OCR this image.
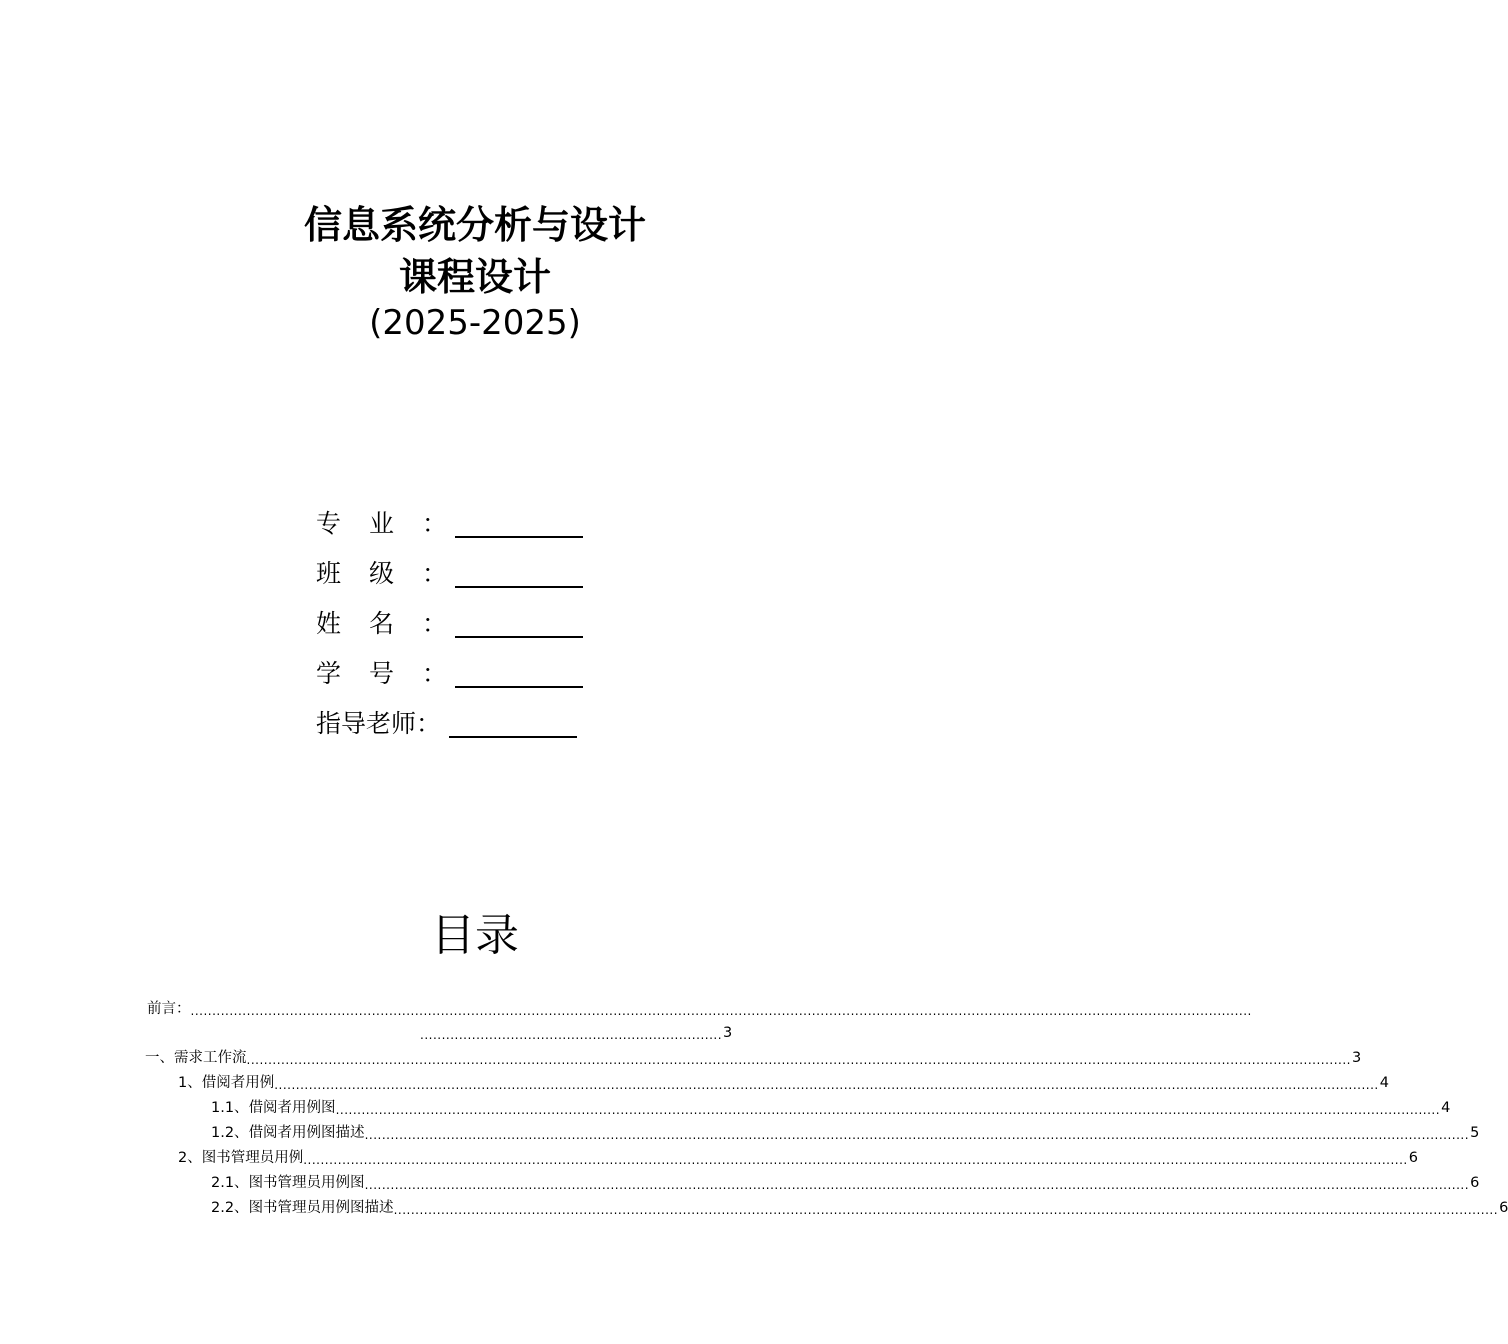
信息系统分析与设计
课程设计
(2025-2025)
专业：
班级：
姓名：
学号：
指导老师：
目录
前言： ......................................................................................................................................................................................................................................................
...................................................................... 3
一、 需求工作流 ................................................................................................................................................................................................................................................................ 3
1、 借阅者用例 ................................................................................................................................................................................................................................................................ 4
1.1、 借阅者用例图 ................................................................................................................................................................................................................................................................ 4
1.2、 借阅者用例图描述 ................................................................................................................................................................................................................................................................ 5
2、 图书管理员用例 ................................................................................................................................................................................................................................................................ 6
2.1、 图书管理员用例图 ................................................................................................................................................................................................................................................................ 6
2.2、 图书管理员用例图描述 ................................................................................................................................................................................................................................................................ 6
